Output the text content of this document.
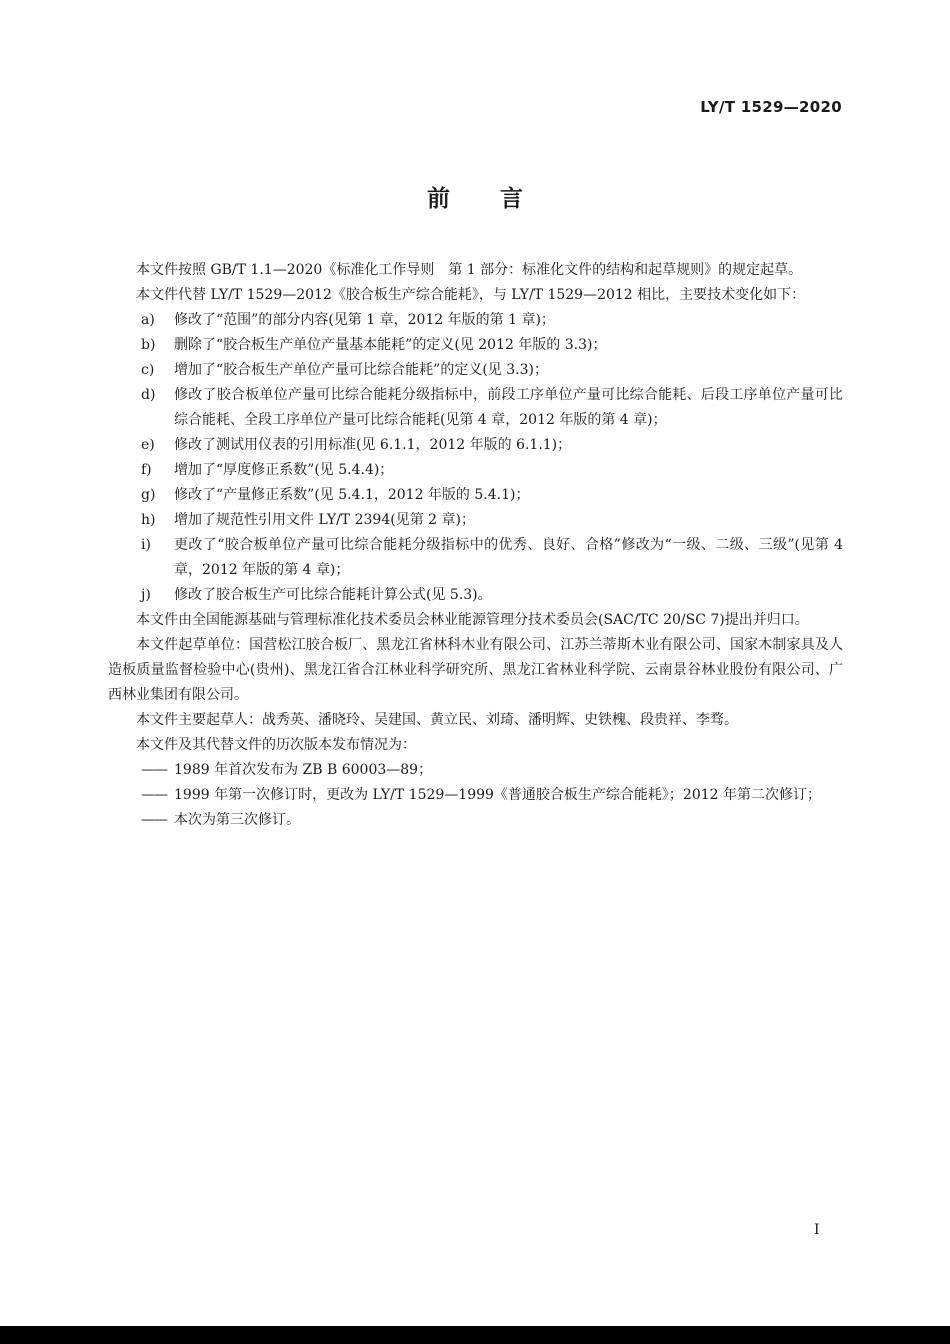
LY/T 1529—2020
前言

本文件按照 GB/T 1.1—2020《标准化工作导则　第 1 部分：标准化文件的结构和起草规则》的规定起草。

本文件代替 LY/T 1529—2012《胶合板生产综合能耗》，与 LY/T 1529—2012 相比，主要技术变化如下：

a) 修改了“范围”的部分内容(见第 1 章，2012 年版的第 1 章)；

b) 删除了“胶合板生产单位产量基本能耗”的定义(见 2012 年版的 3.3)；

c) 增加了“胶合板生产单位产量可比综合能耗”的定义(见 3.3)；

d) 修改了胶合板单位产量可比综合能耗分级指标中，前段工序单位产量可比综合能耗、后段工序单位产量可比综合能耗、全段工序单位产量可比综合能耗(见第 4 章，2012 年版的第 4 章)；

e) 修改了测试用仪表的引用标准(见 6.1.1，2012 年版的 6.1.1)；

f) 增加了“厚度修正系数”(见 5.4.4)；

g) 修改了“产量修正系数”(见 5.4.1，2012 年版的 5.4.1)；

h) 增加了规范性引用文件 LY/T 2394(见第 2 章)；

i) 更改了“胶合板单位产量可比综合能耗分级指标中的优秀、良好、合格”修改为“一级、二级、三级”(见第 4 章，2012 年版的第 4 章)；

j) 修改了胶合板生产可比综合能耗计算公式(见 5.3)。

本文件由全国能源基础与管理标准化技术委员会林业能源管理分技术委员会(SAC/TC 20/SC 7)提出并归口。

本文件起草单位：国营松江胶合板厂、黑龙江省林科木业有限公司、江苏兰蒂斯木业有限公司、国家木制家具及人造板质量监督检验中心(贵州)、黑龙江省合江林业科学研究所、黑龙江省林业科学院、云南景谷林业股份有限公司、广西林业集团有限公司。

本文件主要起草人：战秀英、潘晓玲、吴建国、黄立民、刘琦、潘明辉、史铁槐、段贵祥、李骛。

本文件及其代替文件的历次版本发布情况为：

—— 1989 年首次发布为 ZB B 60003—89；

—— 1999 年第一次修订时，更改为 LY/T 1529—1999《普通胶合板生产综合能耗》；2012 年第二次修订；

—— 本次为第三次修订。

I
